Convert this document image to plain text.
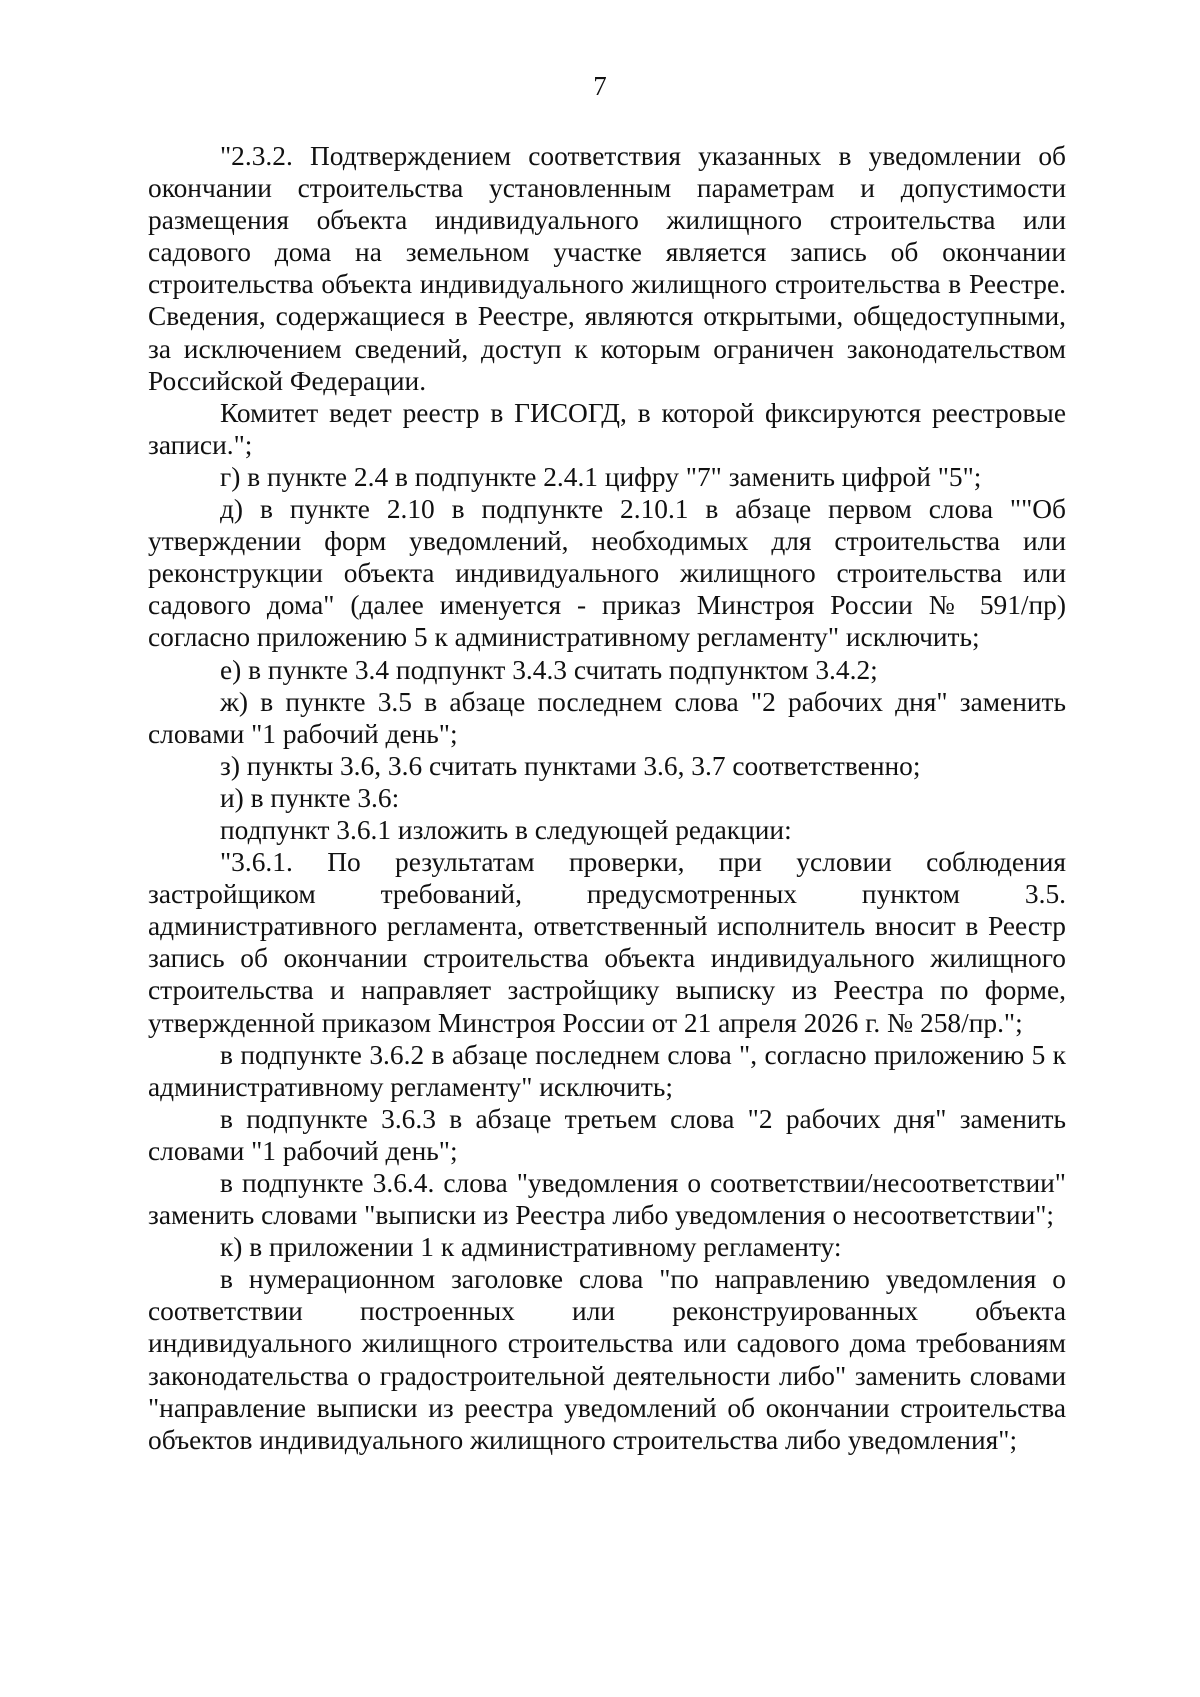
7

"2.3.2. Подтверждением соответствия указанных в уведомлении об окончании строительства установленным параметрам и допустимости размещения объекта индивидуального жилищного строительства или садового дома на земельном участке является запись об окончании строительства объекта индивидуального жилищного строительства в Реестре. Сведения, содержащиеся в Реестре, являются открытыми, общедоступными, за исключением сведений, доступ к которым ограничен законодательством Российской Федерации.

Комитет ведет реестр в ГИСОГД, в которой фиксируются реестровые записи.";

г) в пункте 2.4 в подпункте 2.4.1 цифру "7" заменить цифрой "5";

д) в пункте 2.10 в подпункте 2.10.1 в абзаце первом слова ""Об утверждении форм уведомлений, необходимых для строительства или реконструкции объекта индивидуального жилищного строительства или садового дома" (далее именуется - приказ Минстроя России № 591/пр) согласно приложению 5 к административному регламенту" исключить;

е) в пункте 3.4 подпункт 3.4.3 считать подпунктом 3.4.2;

ж) в пункте 3.5 в абзаце последнем слова "2 рабочих дня" заменить словами "1 рабочий день";

з) пункты 3.6, 3.6 считать пунктами 3.6, 3.7 соответственно;

и) в пункте 3.6:

подпункт 3.6.1 изложить в следующей редакции:

"3.6.1. По результатам проверки, при условии соблюдения застройщиком требований, предусмотренных пунктом 3.5. административного регламента, ответственный исполнитель вносит в Реестр запись об окончании строительства объекта индивидуального жилищного строительства и направляет застройщику выписку из Реестра по форме, утвержденной приказом Минстроя России от 21 апреля 2026 г. № 258/пр.";

в подпункте 3.6.2 в абзаце последнем слова ", согласно приложению 5 к административному регламенту" исключить;

в подпункте 3.6.3 в абзаце третьем слова "2 рабочих дня" заменить словами "1 рабочий день";

в подпункте 3.6.4. слова "уведомления о соответствии/несоответствии" заменить словами "выписки из Реестра либо уведомления о несоответствии";

к) в приложении 1 к административному регламенту:

в нумерационном заголовке слова "по направлению уведомления о соответствии построенных или реконструированных объекта индивидуального жилищного строительства или садового дома требованиям законодательства о градостроительной деятельности либо" заменить словами "направление выписки из реестра уведомлений об окончании строительства объектов индивидуального жилищного строительства либо уведомления";
